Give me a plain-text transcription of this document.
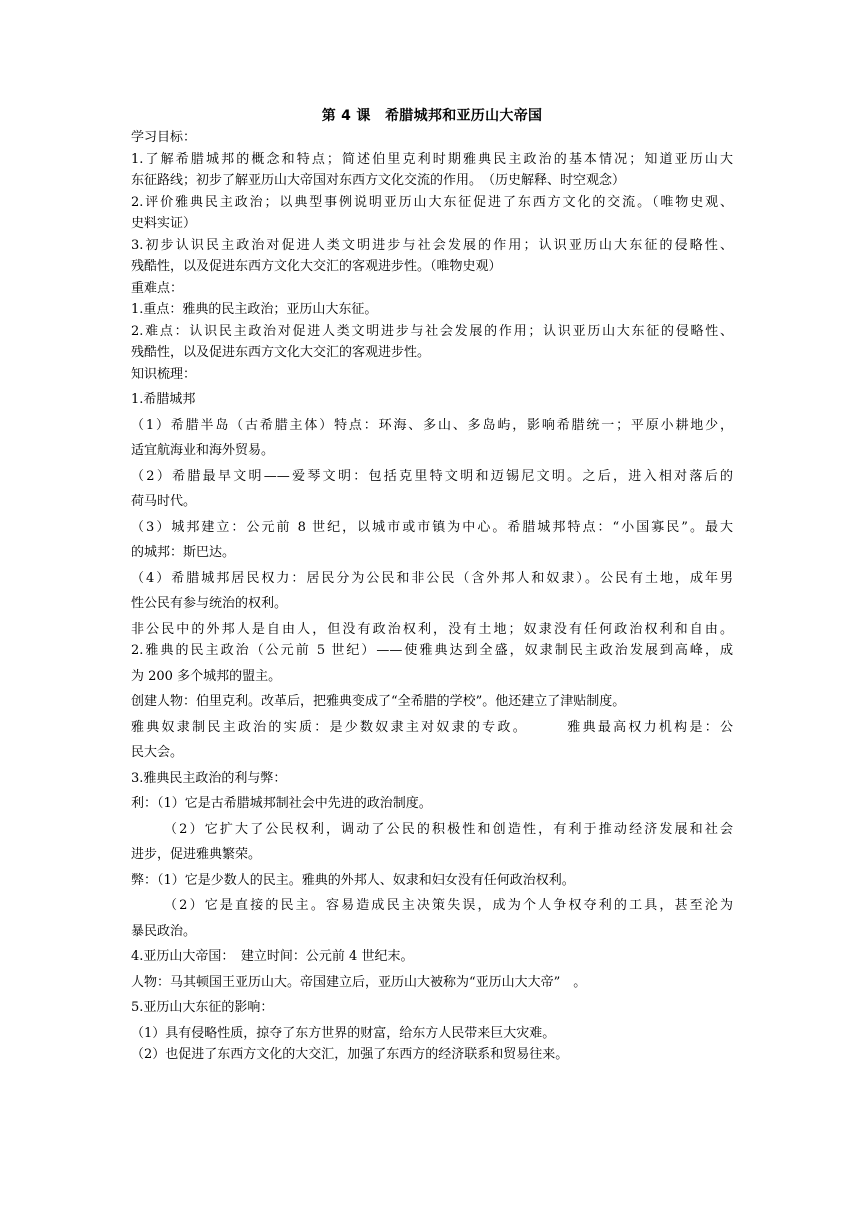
第 4 课　希腊城邦和亚历山大帝国
学习目标：
1.了解希腊城邦的概念和特点；简述伯里克利时期雅典民主政治的基本情况；知道亚历山大
东征路线；初步了解亚历山大帝国对东西方文化交流的作用。　（历史解释、时空观念）
2.评价雅典民主政治；以典型事例说明亚历山大东征促进了东西方文化的交流。（唯物史观、
史料实证）
3.初步认识民主政治对促进人类文明进步与社会发展的作用；认识亚历山大东征的侵略性、
残酷性，以及促进东西方文化大交汇的客观进步性。（唯物史观）
重难点：
1.重点：雅典的民主政治；亚历山大东征。
2.难点：认识民主政治对促进人类文明进步与社会发展的作用；认识亚历山大东征的侵略性、
残酷性，以及促进东西方文化大交汇的客观进步性。
知识梳理：
1.希腊城邦
（1）希腊半岛（古希腊主体）特点：环海、多山、多岛屿，影响希腊统一；平原小耕地少，
适宜航海业和海外贸易。
（2）希腊最早文明——爱琴文明：包括克里特文明和迈锡尼文明。之后，进入相对落后的
荷马时代。
（3）城邦建立：公元前 8 世纪，以城市或市镇为中心。希腊城邦特点：“小国寡民”。最大
的城邦：斯巴达。
（4）希腊城邦居民权力：居民分为公民和非公民（含外邦人和奴隶）。公民有土地，成年男
性公民有参与统治的权利。
非公民中的外邦人是自由人，但没有政治权利，没有土地；奴隶没有任何政治权利和自由。
2.雅典的民主政治（公元前 5 世纪）——使雅典达到全盛，奴隶制民主政治发展到高峰，成
为 200 多个城邦的盟主。
创建人物：伯里克利。改革后，把雅典变成了“全希腊的学校”。他还建立了津贴制度。
雅典奴隶制民主政治的实质：是少数奴隶主对奴隶的专政。　　　雅典最高权力机构是：公
民大会。
3.雅典民主政治的利与弊：
利：（1）它是古希腊城邦制社会中先进的政治制度。
（2）它扩大了公民权利，调动了公民的积极性和创造性，有利于推动经济发展和社会
进步，促进雅典繁荣。
弊：（1）它是少数人的民主。雅典的外邦人、奴隶和妇女没有任何政治权利。
（2）它是直接的民主。容易造成民主决策失误，成为个人争权夺利的工具，甚至沦为
暴民政治。
4.亚历山大帝国：　建立时间：公元前 4 世纪末。
人物：马其顿国王亚历山大。帝国建立后，亚历山大被称为“亚历山大大帝”　。
5.亚历山大东征的影响：
（1）具有侵略性质，掠夺了东方世界的财富，给东方人民带来巨大灾难。
（2）也促进了东西方文化的大交汇，加强了东西方的经济联系和贸易往来。
